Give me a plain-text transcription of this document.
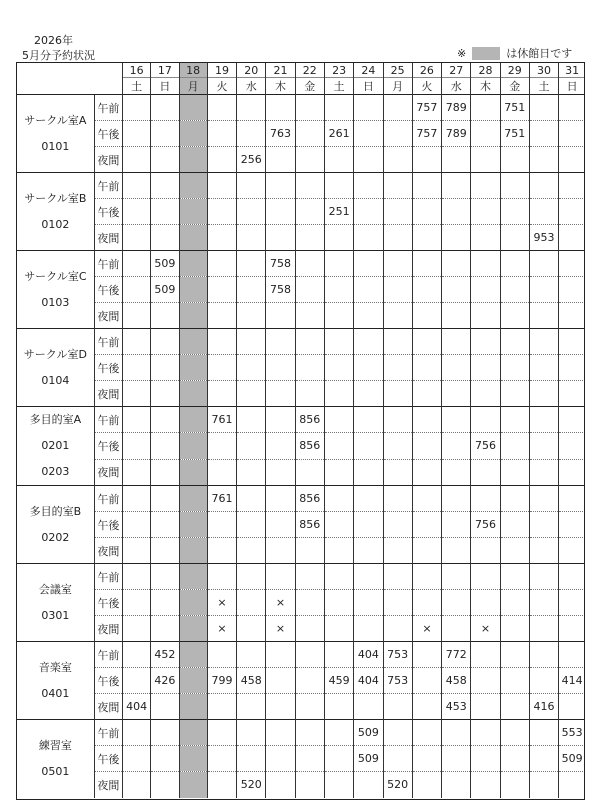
2026年
5月分予約状況	※	は休館日です
		16	17	18	19	20	21	22	23	24	25	26	27	28	29	30	31
		土	日	月	火	水	木	金	土	日	月	火	水	木	金	土	日

サークル室A
0101	午前											757	789		751		
	午後						763		261			757	789		751		
	夜間					256											

サークル室B
0102	午前																
	午後								251								
	夜間															953	

サークル室C
0103	午前		509				758										
	午後		509				758										
	夜間																

サークル室D
0104	午前																
	午後																
	夜間																

多目的室A
0201
0203	午前				761			856									
	午後							856						756			
	夜間																

多目的室B
0202	午前				761			856									
	午後							856						756			
	夜間																

会議室
0301	午前																
	午後				×		×										
	夜間				×		×					×		×			

音楽室
0401	午前		452							404	753		772				
	午後		426		799	458			459	404	753		458				414
	夜間	404											453			416	

練習室
0501	午前									509							553
	午後									509							509
	夜間					520					520						
